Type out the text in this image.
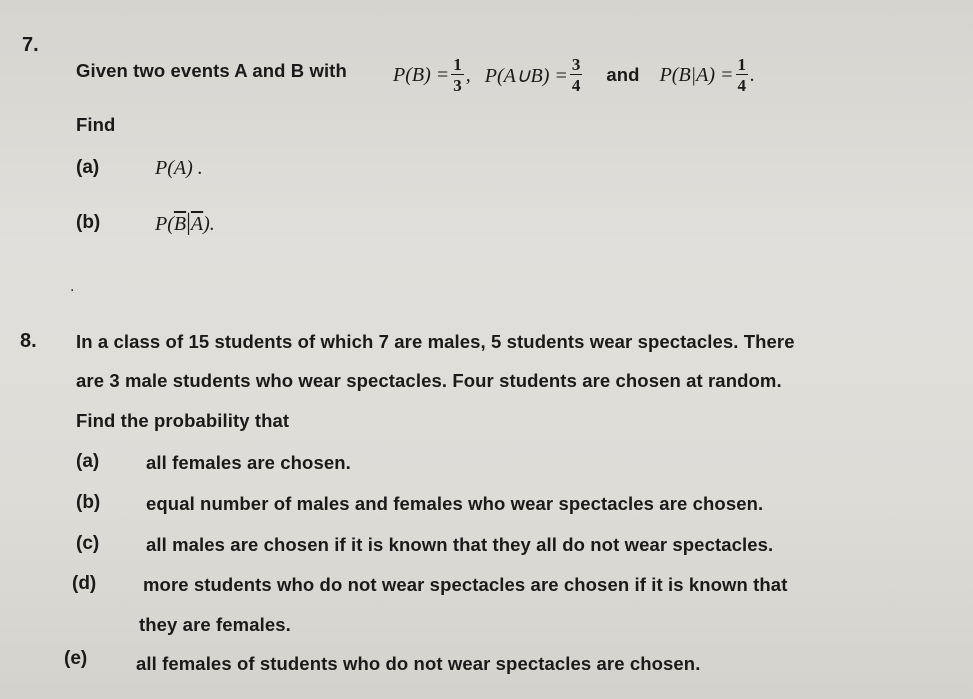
7.
Given two events A and B with $P(B) = \frac{1}{3}$ , P(A∪B) = $\frac{3}{4}$ and $P(B|A) = \frac{1}{4}$ .
Find
(a)	P(A) .
(b)	$P(\overline{B}|\overline{A})$.
.
8. In a class of 15 students of which 7 are males, 5 students wear spectacles. There
are 3 male students who wear spectacles. Four students are chosen at random.
Find the probability that
(a)	all females are chosen.
(b) equal number of males and females who wear spectacles are chosen.
(c)	all males are chosen if it is known that they all do not wear spectacles.
(d)	more students who do not wear spectacles are chosen if it is known that
they are females.
(e)	all females of students who do not wear spectacles are chosen.
